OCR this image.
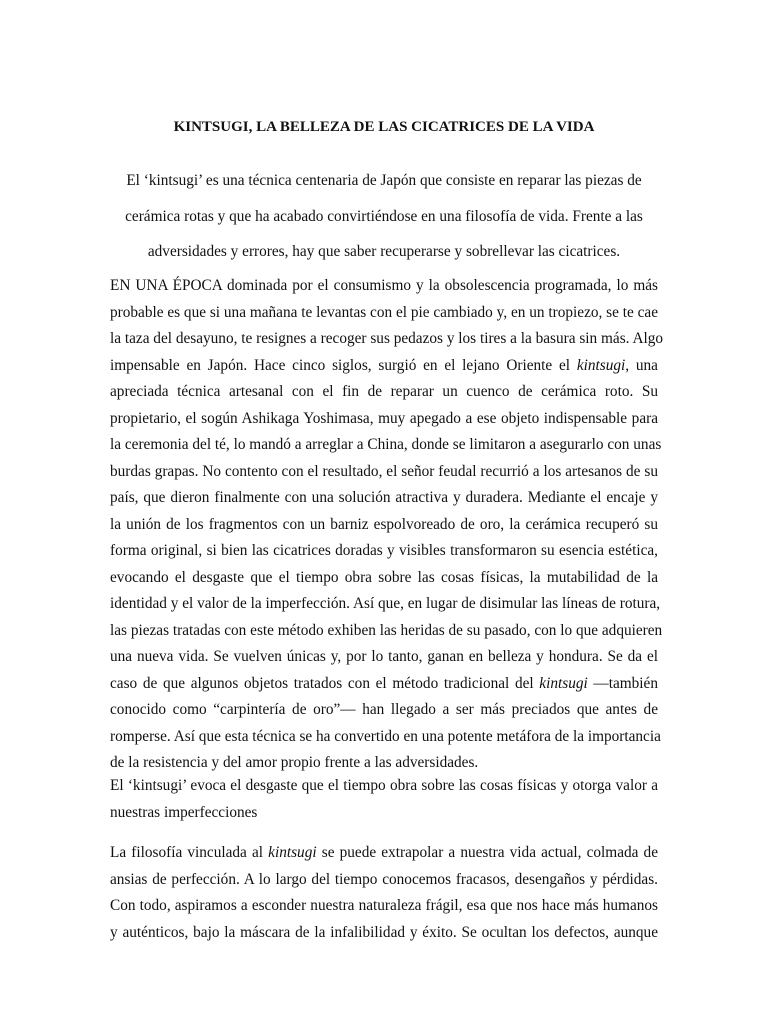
KINTSUGI, LA BELLEZA DE LAS CICATRICES DE LA VIDA

El ‘kintsugi’ es una técnica centenaria de Japón que consiste en reparar las piezas de
cerámica rotas y que ha acabado convirtiéndose en una filosofía de vida. Frente a las
adversidades y errores, hay que saber recuperarse y sobrellevar las cicatrices.

EN UNA ÉPOCA dominada por el consumismo y la obsolescencia programada, lo más
probable es que si una mañana te levantas con el pie cambiado y, en un tropiezo, se te cae
la taza del desayuno, te resignes a recoger sus pedazos y los tires a la basura sin más. Algo
impensable en Japón. Hace cinco siglos, surgió en el lejano Oriente el kintsugi, una
apreciada técnica artesanal con el fin de reparar un cuenco de cerámica roto. Su
propietario, el sogún Ashikaga Yoshimasa, muy apegado a ese objeto indispensable para
la ceremonia del té, lo mandó a arreglar a China, donde se limitaron a asegurarlo con unas
burdas grapas. No contento con el resultado, el señor feudal recurrió a los artesanos de su
país, que dieron finalmente con una solución atractiva y duradera. Mediante el encaje y
la unión de los fragmentos con un barniz espolvoreado de oro, la cerámica recuperó su
forma original, si bien las cicatrices doradas y visibles transformaron su esencia estética,
evocando el desgaste que el tiempo obra sobre las cosas físicas, la mutabilidad de la
identidad y el valor de la imperfección. Así que, en lugar de disimular las líneas de rotura,
las piezas tratadas con este método exhiben las heridas de su pasado, con lo que adquieren
una nueva vida. Se vuelven únicas y, por lo tanto, ganan en belleza y hondura. Se da el
caso de que algunos objetos tratados con el método tradicional del kintsugi —también
conocido como “carpintería de oro”— han llegado a ser más preciados que antes de
romperse. Así que esta técnica se ha convertido en una potente metáfora de la importancia
de la resistencia y del amor propio frente a las adversidades.

El ‘kintsugi’ evoca el desgaste que el tiempo obra sobre las cosas físicas y otorga valor a
nuestras imperfecciones

La filosofía vinculada al kintsugi se puede extrapolar a nuestra vida actual, colmada de
ansias de perfección. A lo largo del tiempo conocemos fracasos, desengaños y pérdidas.
Con todo, aspiramos a esconder nuestra naturaleza frágil, esa que nos hace más humanos
y auténticos, bajo la máscara de la infalibilidad y éxito. Se ocultan los defectos, aunque
